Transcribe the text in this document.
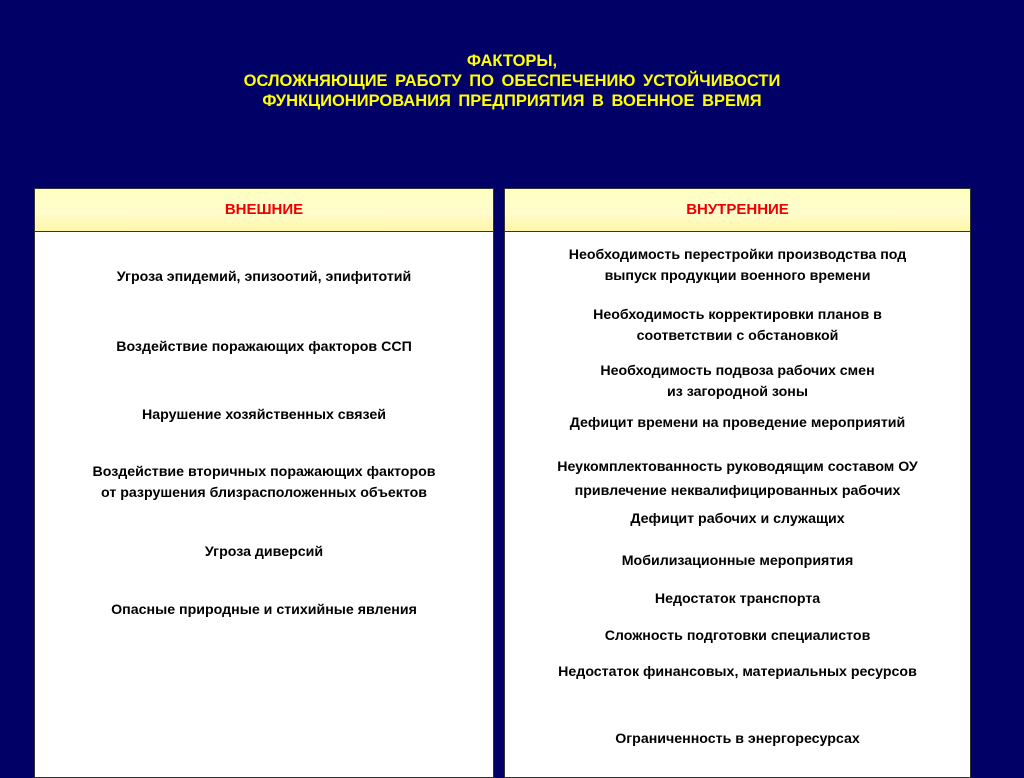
ФАКТОРЫ,
ОСЛОЖНЯЮЩИЕ РАБОТУ ПО ОБЕСПЕЧЕНИЮ УСТОЙЧИВОСТИ
ФУНКЦИОНИРОВАНИЯ ПРЕДПРИЯТИЯ В ВОЕННОЕ ВРЕМЯ
ВНЕШНИЕ
Угроза эпидемий, эпизоотий, эпифитотий
Воздействие поражающих факторов ССП
Нарушение хозяйственных связей
Воздействие вторичных поражающих факторов
от разрушения близрасположенных объектов
Угроза диверсий
Опасные природные и стихийные явления
ВНУТРЕННИЕ
Необходимость перестройки производства под
выпуск продукции военного времени
Необходимость корректировки планов в
соответствии с обстановкой
Необходимость подвоза рабочих смен
из загородной зоны
Дефицит времени на проведение мероприятий
Неукомплектованность руководящим составом ОУ
привлечение неквалифицированных рабочих
Дефицит рабочих и служащих
Мобилизационные мероприятия
Недостаток транспорта
Сложность подготовки специалистов
Недостаток финансовых, материальных ресурсов
Ограниченность в энергоресурсах
